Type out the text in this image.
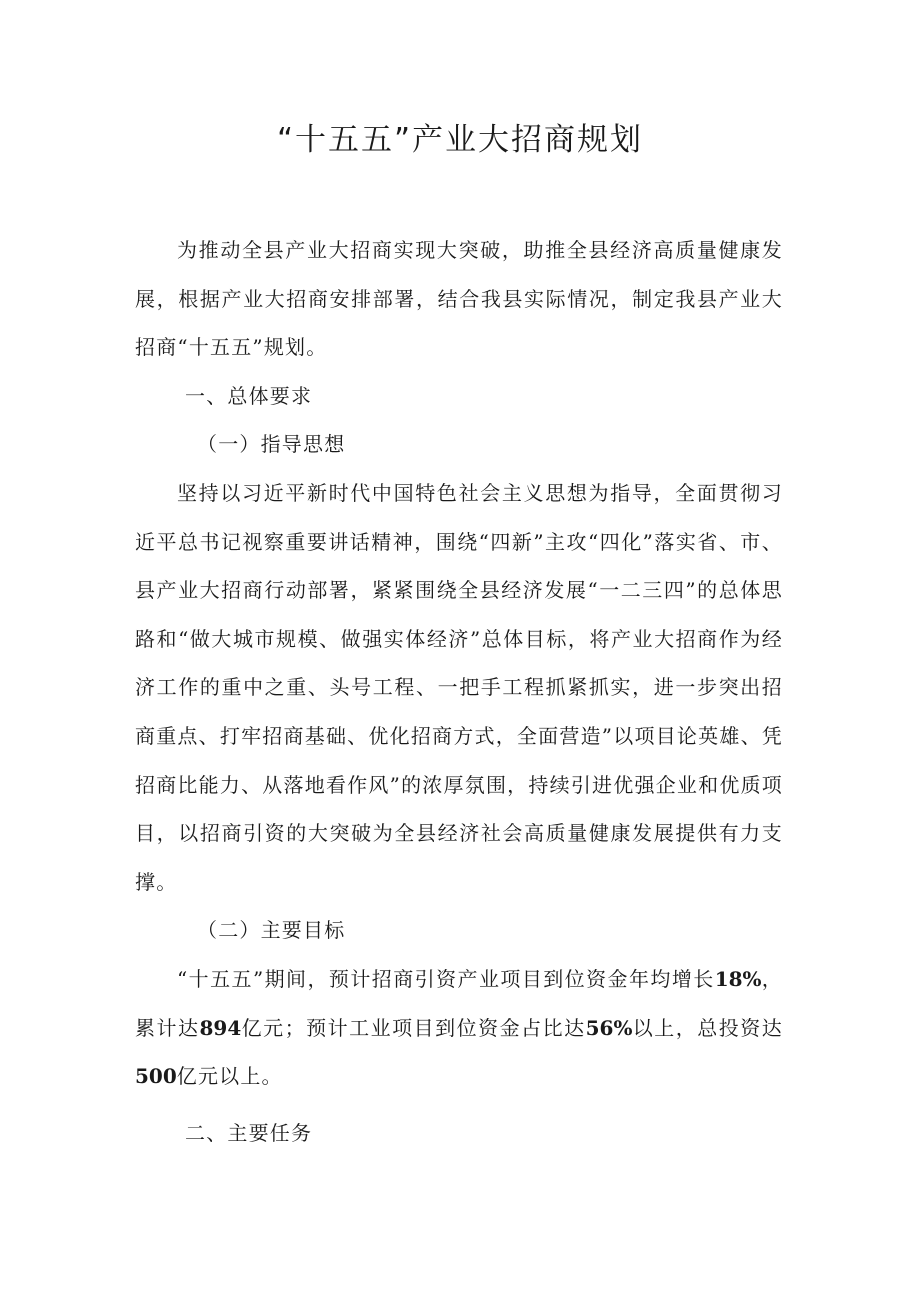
“十五五”产业大招商规划

为推动全县产业大招商实现大突破，助推全县经济高质量健康发展，根据产业大招商安排部署，结合我县实际情况，制定我县产业大招商“十五五”规划。

一、总体要求

（一）指导思想

坚持以习近平新时代中国特色社会主义思想为指导，全面贯彻习近平总书记视察重要讲话精神，围绕“四新”主攻“四化”落实省、市、县产业大招商行动部署，紧紧围绕全县经济发展“一二三四”的总体思路和“做大城市规模、做强实体经济”总体目标，将产业大招商作为经济工作的重中之重、头号工程、一把手工程抓紧抓实，进一步突出招商重点、打牢招商基础、优化招商方式，全面营造”以项目论英雄、凭招商比能力、从落地看作风”的浓厚氛围，持续引进优强企业和优质项目，以招商引资的大突破为全县经济社会高质量健康发展提供有力支撑。

（二）主要目标

“十五五”期间，预计招商引资产业项目到位资金年均增长18%，累计达894亿元；预计工业项目到位资金占比达56%以上，总投资达500亿元以上。

二、主要任务
